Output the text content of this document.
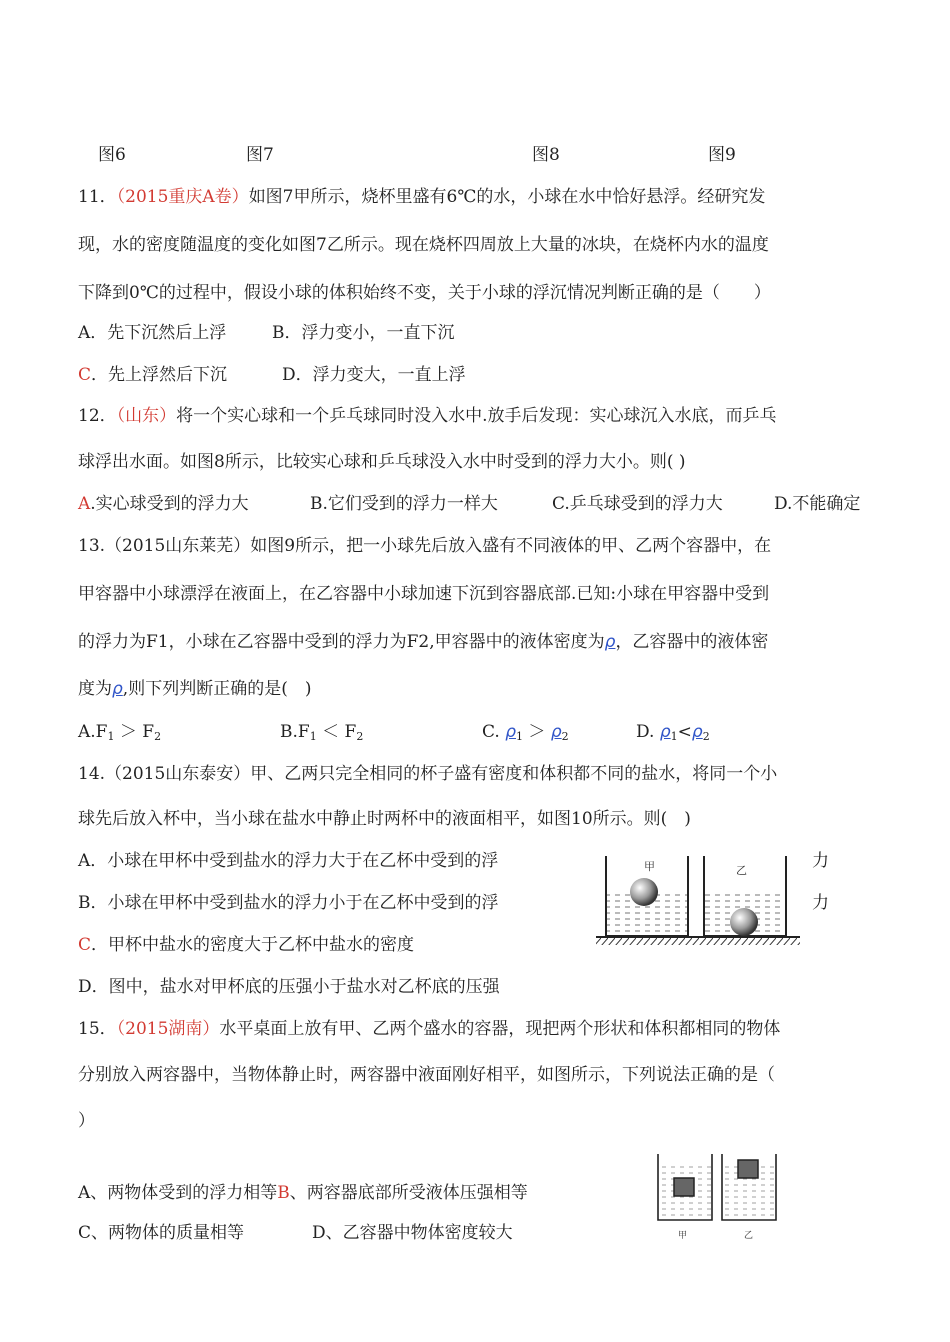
图6	图7	图8	图9
11．（2015重庆A卷）如图7甲所示，烧杯里盛有6℃的水，小球在水中恰好悬浮。经研究发
现，水的密度随温度的变化如图7乙所示。现在烧杯四周放上大量的冰块，在烧杯内水的温度
下降到0℃的过程中，假设小球的体积始终不变，关于小球的浮沉情况判断正确的是（　　）
A．先下沉然后上浮	B．浮力变小，一直下沉
C．先上浮然后下沉	D．浮力变大，一直上浮
12．（山东）将一个实心球和一个乒乓球同时没入水中.放手后发现：实心球沉入水底，而乒乓
球浮出水面。如图8所示，比较实心球和乒乓球没入水中时受到的浮力大小。则( )
A.实心球受到的浮力大	B.它们受到的浮力一样大	C.乒乓球受到的浮力大	D.不能确定
13.（2015山东莱芜）如图9所示，把一小球先后放入盛有不同液体的甲、乙两个容器中，在
甲容器中小球漂浮在液面上，在乙容器中小球加速下沉到容器底部.已知:小球在甲容器中受到
的浮力为F1，小球在乙容器中受到的浮力为F2,甲容器中的液体密度为ρ，乙容器中的液体密
度为ρ,则下列判断正确的是(　)
$A.F_1 > F_2$	$B.F_1 < F_2$	C. $\rho_1 > \rho_2$	D. $\rho_1<\rho_2$
14.（2015山东泰安）甲、乙两只完全相同的杯子盛有密度和体积都不同的盐水，将同一个小
球先后放入杯中，当小球在盐水中静止时两杯中的液面相平，如图10所示。则(　)
A．小球在甲杯中受到盐水的浮力大于在乙杯中受到的浮	力
B．小球在甲杯中受到盐水的浮力小于在乙杯中受到的浮	力
C．甲杯中盐水的密度大于乙杯中盐水的密度
D．图中，盐水对甲杯底的压强小于盐水对乙杯底的压强
甲	乙
15．（2015湖南）水平桌面上放有甲、乙两个盛水的容器，现把两个形状和体积都相同的物体
分别放入两容器中，当物体静止时，两容器中液面刚好相平，如图所示，下列说法正确的是（
）
A、两物体受到的浮力相等B、两容器底部所受液体压强相等
C、两物体的质量相等	D、乙容器中物体密度较大	甲	乙
